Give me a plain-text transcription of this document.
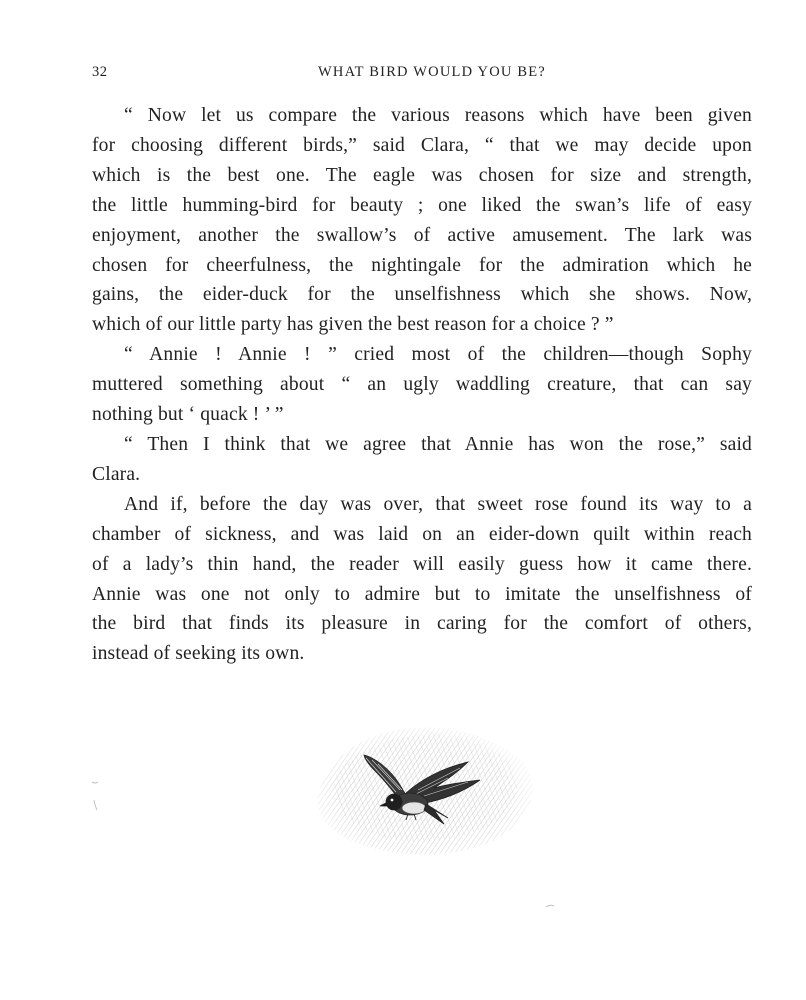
32	WHAT BIRD WOULD YOU BE?

“ Now let us compare the various reasons which have been given
for choosing different birds,” said Clara, “ that we may decide upon
which is the best one. The eagle was chosen for size and strength,
the little humming-bird for beauty ; one liked the swan’s life of easy
enjoyment, another the swallow’s of active amusement. The lark was
chosen for cheerfulness, the nightingale for the admiration which he
gains, the eider-duck for the unselfishness which she shows. Now,
which of our little party has given the best reason for a choice ? ”

“ Annie ! Annie ! ” cried most of the children—though Sophy
muttered something about “ an ugly waddling creature, that can say
nothing but ‘ quack ! ’ ”

“ Then I think that we agree that Annie has won the rose,” said
Clara.

And if, before the day was over, that sweet rose found its way to a
chamber of sickness, and was laid on an eider-down quilt within reach
of a lady’s thin hand, the reader will easily guess how it came there.
Annie was one not only to admire but to imitate the unselfishness of
the bird that finds its pleasure in caring for the comfort of others,
instead of seeking its own.
